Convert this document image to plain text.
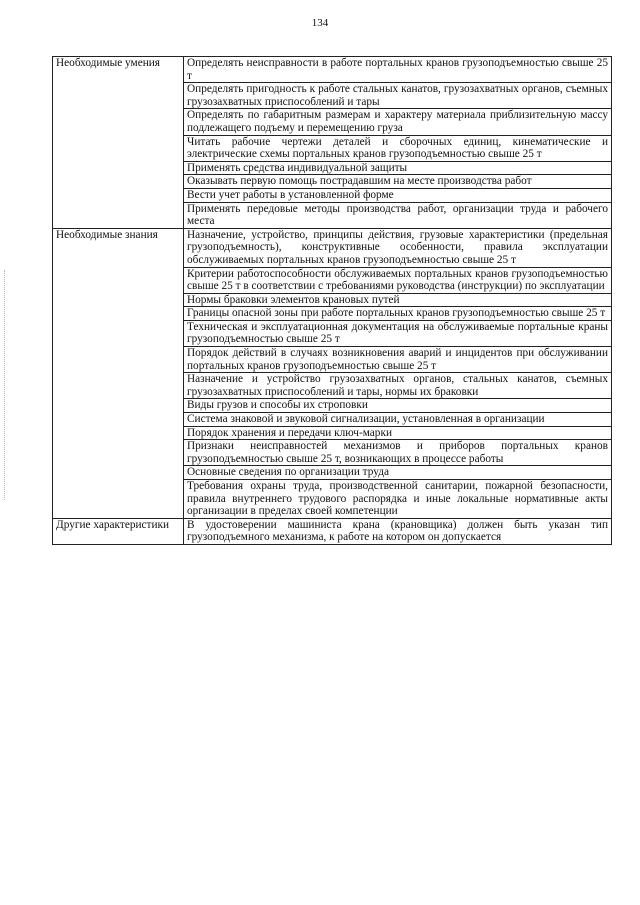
134
Необходимые умения	Определять неисправности в работе портальных кранов грузоподъемностью свыше 25 т
	Определять пригодность к работе стальных канатов, грузозахватных органов, съемных грузозахватных приспособлений и тары
	Определять по габаритным размерам и характеру материала приблизительную массу подлежащего подъему и перемещению груза
	Читать рабочие чертежи деталей и сборочных единиц, кинематические и электрические схемы портальных кранов грузоподъемностью свыше 25 т
	Применять средства индивидуальной защиты
	Оказывать первую помощь пострадавшим на месте производства работ
	Вести учет работы в установленной форме
	Применять передовые методы производства работ, организации труда и рабочего места
Необходимые знания	Назначение, устройство, принципы действия, грузовые характеристики (предельная грузоподъемность), конструктивные особенности, правила эксплуатации обслуживаемых портальных кранов грузоподъемностью свыше 25 т
	Критерии работоспособности обслуживаемых портальных кранов грузоподъемностью свыше 25 т в соответствии с требованиями руководства (инструкции) по эксплуатации
	Нормы браковки элементов крановых путей
	Границы опасной зоны при работе портальных кранов грузоподъемностью свыше 25 т
	Техническая и эксплуатационная документация на обслуживаемые портальные краны грузоподъемностью свыше 25 т
	Порядок действий в случаях возникновения аварий и инцидентов при обслуживании портальных кранов грузоподъемностью свыше 25 т
	Назначение и устройство грузозахватных органов, стальных канатов, съемных грузозахватных приспособлений и тары, нормы их браковки
	Виды грузов и способы их строповки
	Система знаковой и звуковой сигнализации, установленная в организации
	Порядок хранения и передачи ключ-марки
	Признаки неисправностей механизмов и приборов портальных кранов грузоподъемностью свыше 25 т, возникающих в процессе работы
	Основные сведения по организации труда
	Требования охраны труда, производственной санитарии, пожарной безопасности, правила внутреннего трудового распорядка и иные локальные нормативные акты организации в пределах своей компетенции
Другие характеристики	В удостоверении машиниста крана (крановщика) должен быть указан тип грузоподъемного механизма, к работе на котором он допускается
